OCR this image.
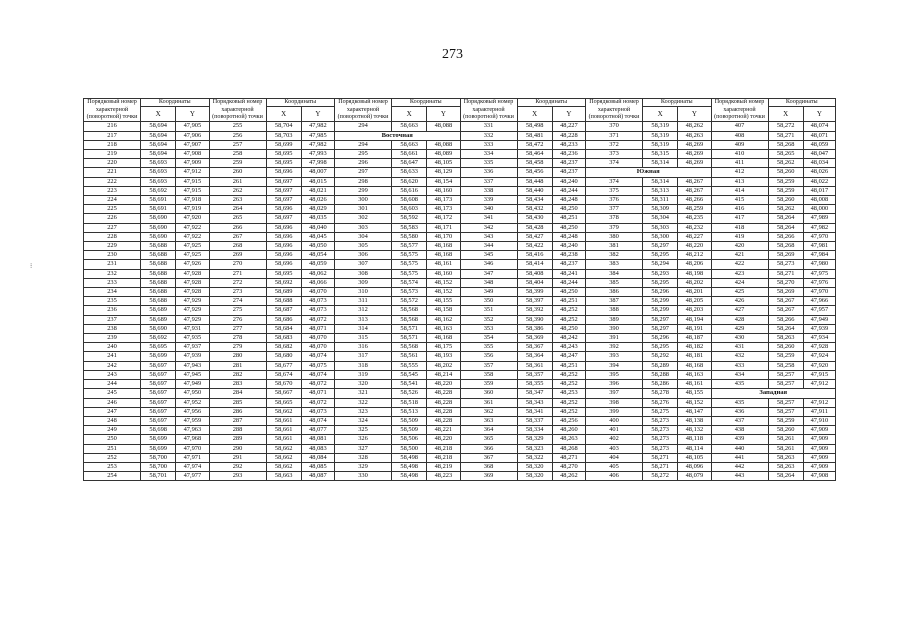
273
⁝
Порядковый номер характерной (поворотной) точки	Координаты		Порядковый номер характерной (поворотной) точки	Координаты		Порядковый номер характерной (поворотной) точки	Координаты		Порядковый номер характерной (поворотной) точки	Координаты		Порядковый номер характерной (поворотной) точки	Координаты		Порядковый номер характерной (поворотной) точки	Координаты	
	X	Y		X	Y		X	Y		X	Y		X	Y		X	Y
216	58,694	47,905	255	58,704	47,982	294	58,663	48,088	331	58,498	48,227	370	58,319	48,262	407	58,272	48,074
217	58,694	47,906	256	58,703	47,985	Восточная			332	58,481	48,228	371	58,319	48,263	408	58,271	48,071
218	58,694	47,907	257	58,699	47,982	294	58,663	48,088	333	58,472	48,233	372	58,319	48,269	409	58,268	48,059
219	58,694	47,908	258	58,695	47,993	295	58,661	48,089	334	58,464	48,236	373	58,315	48,269	410	58,265	48,047
220	58,693	47,909	259	58,695	47,998	296	58,647	48,105	335	58,458	48,237	374	58,314	48,269	411	58,262	48,034
221	58,693	47,912	260	58,696	48,007	297	58,633	48,129	336	58,456	48,237	Южная			412	58,260	48,026
222	58,693	47,915	261	58,697	48,015	298	58,620	48,154	337	58,448	48,240	374	58,314	48,267	413	58,259	48,022
223	58,692	47,915	262	58,697	48,021	299	58,616	48,160	338	58,440	48,244	375	58,313	48,267	414	58,259	48,017
224	58,691	47,918	263	58,697	48,026	300	58,608	48,173	339	58,434	48,248	376	58,311	48,266	415	58,260	48,008
225	58,691	47,919	264	58,696	48,029	301	58,603	48,173	340	58,432	48,250	377	58,309	48,259	416	58,262	48,000
226	58,690	47,920	265	58,697	48,035	302	58,592	48,172	341	58,430	48,251	378	58,304	48,235	417	58,264	47,989
227	58,690	47,922	266	58,696	48,040	303	58,583	48,171	342	58,428	48,250	379	58,303	48,232	418	58,264	47,982
228	58,690	47,922	267	58,696	48,045	304	58,580	48,170	343	58,427	48,248	380	58,300	48,227	419	58,266	47,970
229	58,688	47,925	268	58,696	48,050	305	58,577	48,168	344	58,422	48,240	381	58,297	48,220	420	58,268	47,981
230	58,688	47,925	269	58,696	48,054	306	58,575	48,168	345	58,416	48,238	382	58,295	48,212	421	58,269	47,984
231	58,688	47,926	270	58,696	48,059	307	58,575	48,161	346	58,414	48,237	383	58,294	48,206	422	58,273	47,980
232	58,688	47,928	271	58,695	48,062	308	58,575	48,160	347	58,408	48,241	384	58,293	48,198	423	58,271	47,975
233	58,688	47,928	272	58,692	48,066	309	58,574	48,152	348	58,404	48,244	385	58,295	48,202	424	58,270	47,976
234	58,688	47,928	273	58,689	48,070	310	58,573	48,152	349	58,399	48,250	386	58,296	48,201	425	58,269	47,970
235	58,688	47,929	274	58,688	48,073	311	58,572	48,155	350	58,397	48,251	387	58,299	48,205	426	58,267	47,966
236	58,689	47,929	275	58,687	48,073	312	58,568	48,158	351	58,392	48,252	388	58,299	48,203	427	58,267	47,957
237	58,689	47,929	276	58,686	48,072	313	58,568	48,162	352	58,390	48,252	389	58,297	48,194	428	58,266	47,949
238	58,690	47,931	277	58,684	48,071	314	58,571	48,163	353	58,386	48,250	390	58,297	48,191	429	58,264	47,939
239	58,692	47,935	278	58,683	48,070	315	58,571	48,168	354	58,369	48,242	391	58,296	48,187	430	58,263	47,934
240	58,695	47,937	279	58,682	48,070	316	58,568	48,175	355	58,367	48,243	392	58,295	48,182	431	58,260	47,928
241	58,699	47,939	280	58,680	48,074	317	58,561	48,193	356	58,364	48,247	393	58,292	48,181	432	58,259	47,924
242	58,697	47,943	281	58,677	48,075	318	58,555	48,202	357	58,361	48,251	394	58,289	48,168	433	58,258	47,920
243	58,697	47,945	282	58,674	48,074	319	58,545	48,214	358	58,357	48,252	395	58,288	48,163	434	58,257	47,915
244	58,697	47,949	283	58,670	48,072	320	58,541	48,220	359	58,355	48,252	396	58,286	48,161	435	58,257	47,912
245	58,697	47,950	284	58,667	48,071	321	58,526	48,228	360	58,347	48,253	397	58,278	48,155	Западная		
246	58,697	47,952	285	58,665	48,072	322	58,518	48,228	361	58,343	48,252	398	58,276	48,152	435	58,257	47,912
247	58,697	47,956	286	58,662	48,073	323	58,513	48,228	362	58,341	48,252	399	58,275	48,147	436	58,257	47,911
248	58,697	47,959	287	58,661	48,074	324	58,509	48,228	363	58,337	48,256	400	58,273	48,138	437	58,259	47,910
249	58,698	47,963	288	58,661	48,077	325	58,509	48,221	364	58,334	48,260	401	58,273	48,132	438	58,260	47,909
250	58,699	47,968	289	58,661	48,081	326	58,506	48,220	365	58,329	48,263	402	58,273	48,118	439	58,261	47,909
251	58,699	47,970	290	58,662	48,083	327	58,500	48,218	366	58,323	48,268	403	58,273	48,114	440	58,261	47,909
252	58,700	47,971	291	58,662	48,084	328	58,498	48,218	367	58,322	48,271	404	58,271	48,105	441	58,263	47,909
253	58,700	47,974	292	58,662	48,085	329	58,498	48,219	368	58,320	48,270	405	58,271	48,096	442	58,263	47,909
254	58,701	47,977	293	58,663	48,087	330	58,498	48,223	369	58,320	48,262	406	58,272	48,079	443	58,264	47,908
